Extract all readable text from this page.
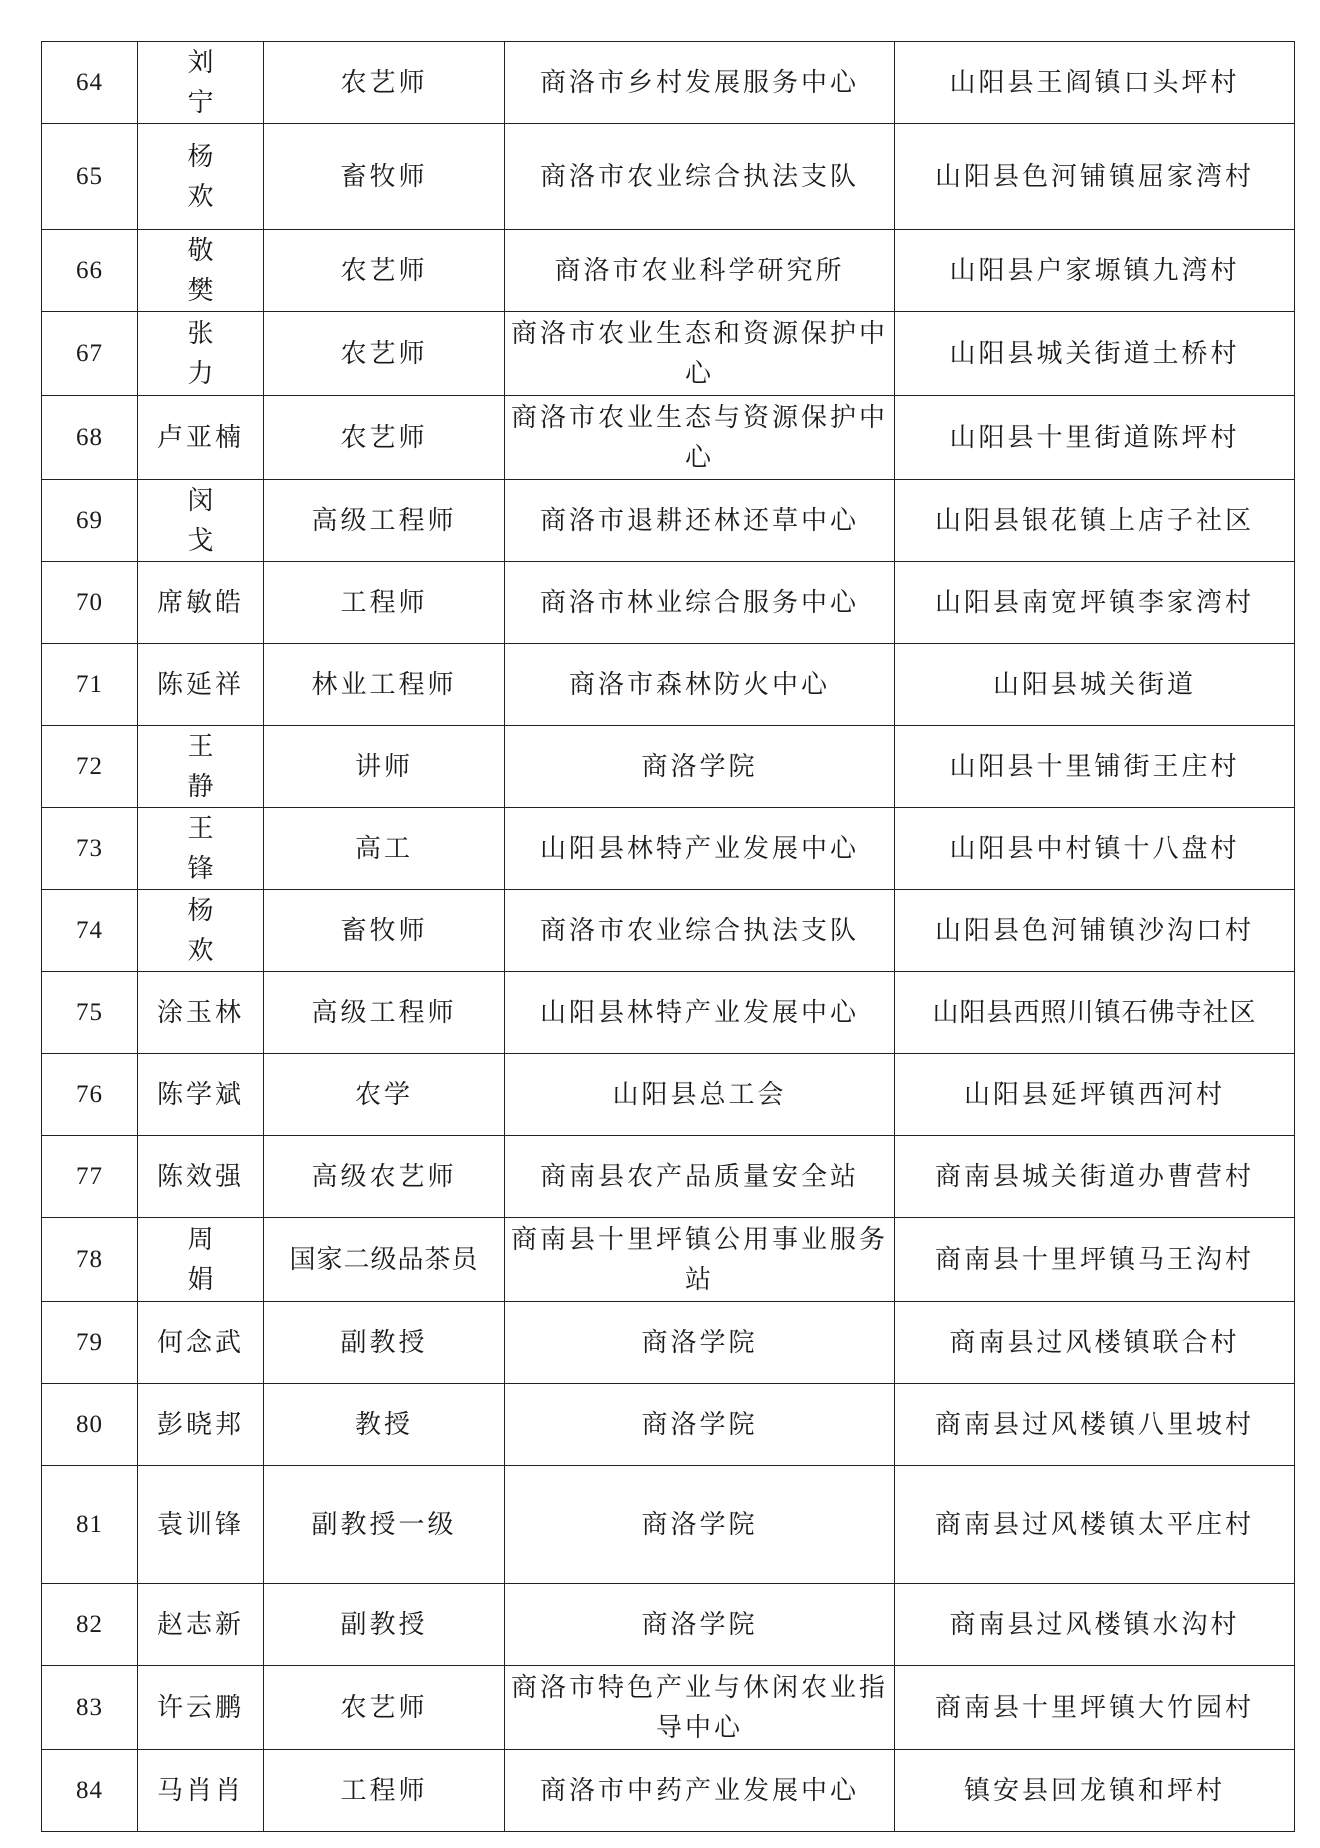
64	刘 宁	农艺师	商洛市乡村发展服务中心	山阳县王阎镇口头坪村
65	杨 欢	畜牧师	商洛市农业综合执法支队	山阳县色河铺镇屈家湾村
66	敬 樊	农艺师	商洛市农业科学研究所	山阳县户家塬镇九湾村
67	张 力	农艺师	商洛市农业生态和资源保护中心	山阳县城关街道土桥村
68	卢亚楠	农艺师	商洛市农业生态与资源保护中心	山阳县十里街道陈坪村
69	闵 戈	高级工程师	商洛市退耕还林还草中心	山阳县银花镇上店子社区
70	席敏皓	工程师	商洛市林业综合服务中心	山阳县南宽坪镇李家湾村
71	陈延祥	林业工程师	商洛市森林防火中心	山阳县城关街道
72	王 静	讲师	商洛学院	山阳县十里铺街王庄村
73	王 锋	高工	山阳县林特产业发展中心	山阳县中村镇十八盘村
74	杨 欢	畜牧师	商洛市农业综合执法支队	山阳县色河铺镇沙沟口村
75	涂玉林	高级工程师	山阳县林特产业发展中心	山阳县西照川镇石佛寺社区
76	陈学斌	农学	山阳县总工会	山阳县延坪镇西河村
77	陈效强	高级农艺师	商南县农产品质量安全站	商南县城关街道办曹营村
78	周 娟	国家二级品茶员	商南县十里坪镇公用事业服务站	商南县十里坪镇马王沟村
79	何念武	副教授	商洛学院	商南县过风楼镇联合村
80	彭晓邦	教授	商洛学院	商南县过风楼镇八里坡村
81	袁训锋	副教授一级	商洛学院	商南县过风楼镇太平庄村
82	赵志新	副教授	商洛学院	商南县过风楼镇水沟村
83	许云鹏	农艺师	商洛市特色产业与休闲农业指导中心	商南县十里坪镇大竹园村
84	马肖肖	工程师	商洛市中药产业发展中心	镇安县回龙镇和坪村
